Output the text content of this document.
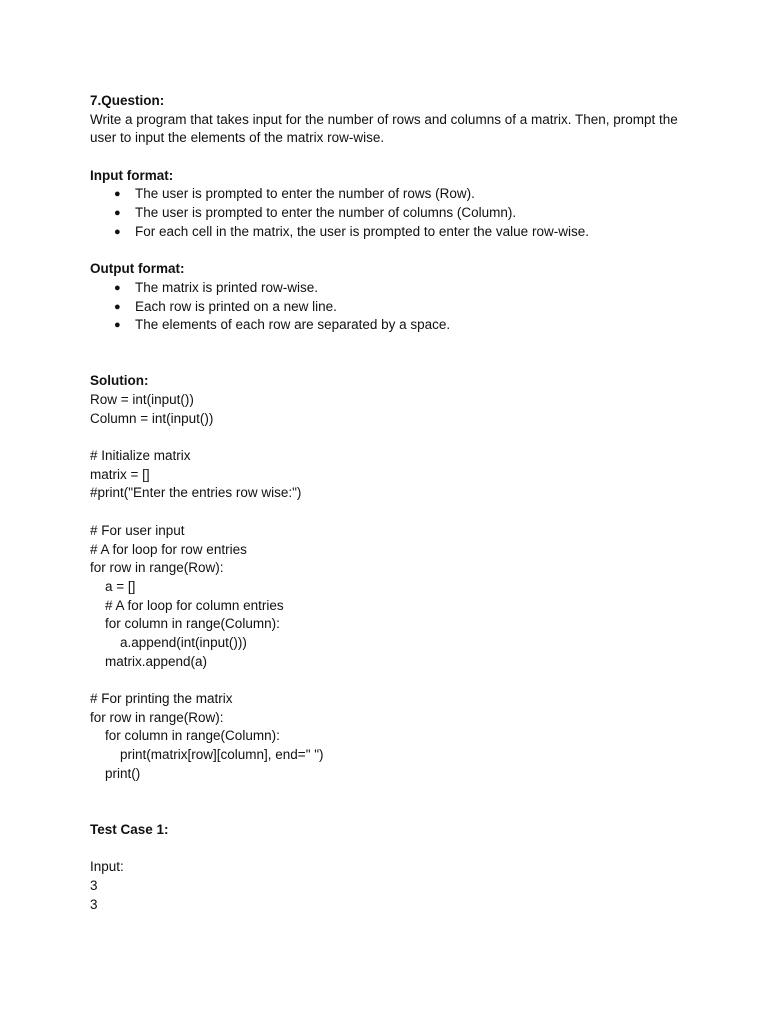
7.Question:
Write a program that takes input for the number of rows and columns of a matrix. Then, prompt the user to input the elements of the matrix row-wise.
Input format:
● The user is prompted to enter the number of rows (Row).
● The user is prompted to enter the number of columns (Column).
● For each cell in the matrix, the user is prompted to enter the value row-wise.
Output format:
● The matrix is printed row-wise.
● Each row is printed on a new line.
● The elements of each row are separated by a space.
Solution:
Row = int(input())
Column = int(input())
# Initialize matrix
matrix = []
#print("Enter the entries row wise:")
# For user input
# A for loop for row entries
for row in range(Row):
a = []
# A for loop for column entries
for column in range(Column):
a.append(int(input()))
matrix.append(a)
# For printing the matrix
for row in range(Row):
for column in range(Column):
print(matrix[row][column], end=" ")
print()
Test Case 1:
Input:
3
3
